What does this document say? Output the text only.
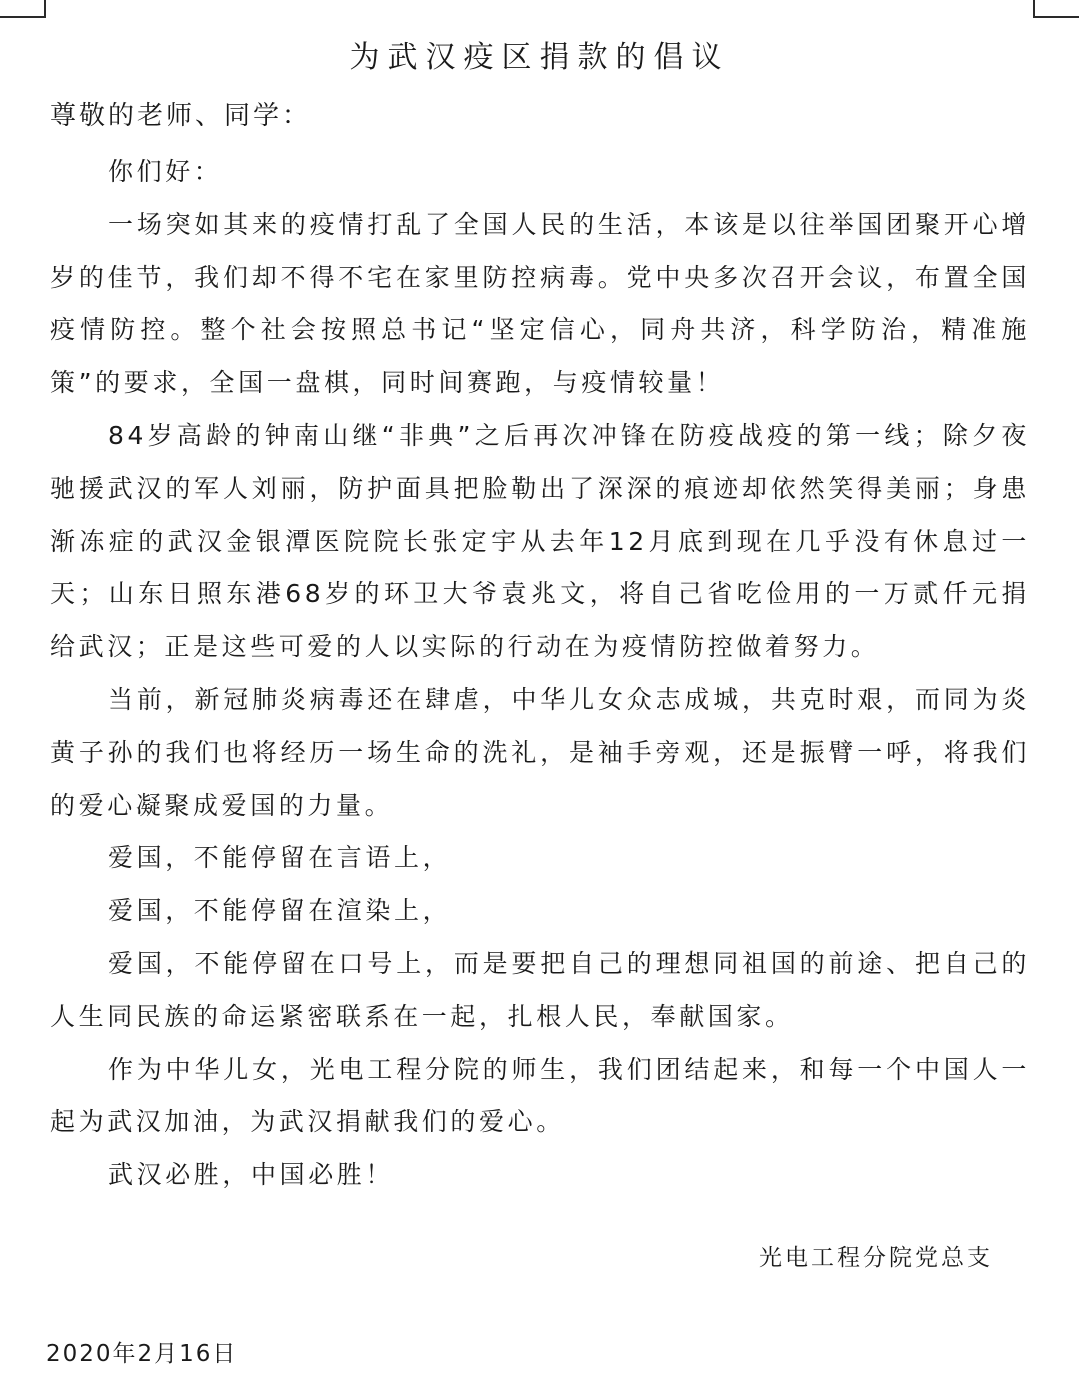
为武汉疫区捐款的倡议
尊敬的老师、同学：

你们好：

一场突如其来的疫情打乱了全国人民的生活，本该是以往举国团聚开心增岁的佳节，我们却不得不宅在家里防控病毒。党中央多次召开会议，布置全国疫情防控。整个社会按照总书记“坚定信心，同舟共济，科学防治，精准施策”的要求，全国一盘棋，同时间赛跑，与疫情较量！

84岁高龄的钟南山继“非典”之后再次冲锋在防疫战疫的第一线；除夕夜驰援武汉的军人刘丽，防护面具把脸勒出了深深的痕迹却依然笑得美丽；身患渐冻症的武汉金银潭医院院长张定宇从去年12月底到现在几乎没有休息过一天；山东日照东港68岁的环卫大爷袁兆文，将自己省吃俭用的一万贰仟元捐给武汉；正是这些可爱的人以实际的行动在为疫情防控做着努力。

当前，新冠肺炎病毒还在肆虐，中华儿女众志成城，共克时艰，而同为炎黄子孙的我们也将经历一场生命的洗礼，是袖手旁观，还是振臂一呼，将我们的爱心凝聚成爱国的力量。

爱国，不能停留在言语上，

爱国，不能停留在渲染上，

爱国，不能停留在口号上，而是要把自己的理想同祖国的前途、把自己的人生同民族的命运紧密联系在一起，扎根人民，奉献国家。

作为中华儿女，光电工程分院的师生，我们团结起来，和每一个中国人一起为武汉加油，为武汉捐献我们的爱心。

武汉必胜，中国必胜！

光电工程分院党总支
2020年2月16日
